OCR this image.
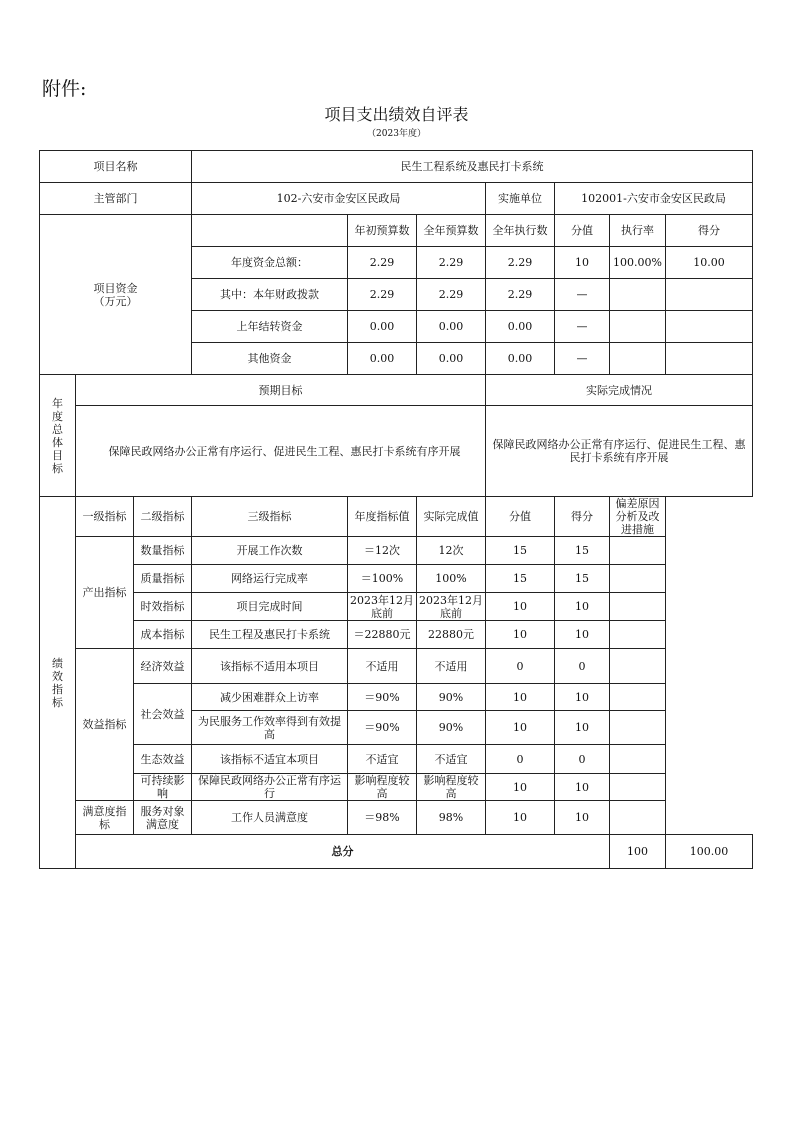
附件:
项目支出绩效自评表
（2023年度）
项目名称			民生工程系统及惠民打卡系统							
主管部门			102-六安市金安区民政局			实施单位	102001-六安市金安区民政局			

项目资金
（万元）				年初预算数	全年预算数	全年执行数	分值	执行率	得分	
			年度资金总额：	2.29	2.29	2.29	10	100.00%	10.00	
			其中：本年财政拨款	2.29	2.29	2.29	—			
			上年结转资金	0.00	0.00	0.00	—			
			其他资金	0.00	0.00	0.00	—			

年度总体目标	预期目标					实际完成情况				
	保障民政网络办公正常有序运行、促进民生工程、惠民打卡系统有序开展					保障民政网络办公正常有序运行、促进民生工程、惠民打卡系统有序开展				

绩效指标	一级指标	二级指标	三级指标	年度指标值	实际完成值	分值	得分	偏差原因分析及改进措施		
	产出指标	数量指标	开展工作次数	＝12次	12次	15	15			
		质量指标	网络运行完成率	＝100%	100%	15	15			
		时效指标	项目完成时间	2023年12月底前	2023年12月底前	10	10			
		成本指标	民生工程及惠民打卡系统	＝22880元	22880元	10	10			
	效益指标	经济效益	该指标不适用本项目	不适用	不适用	0	0			
		社会效益	减少困难群众上访率	＝90%	90%	10	10			
			为民服务工作效率得到有效提高	＝90%	90%	10	10			
		生态效益	该指标不适宜本项目	不适宜	不适宜	0	0			
		可持续影响	保障民政网络办公正常有序运行	影响程度较高	影响程度较高	10	10			
	满意度指标	服务对象满意度	工作人员满意度	＝98%	98%	10	10			
	总分							100	100.00	
